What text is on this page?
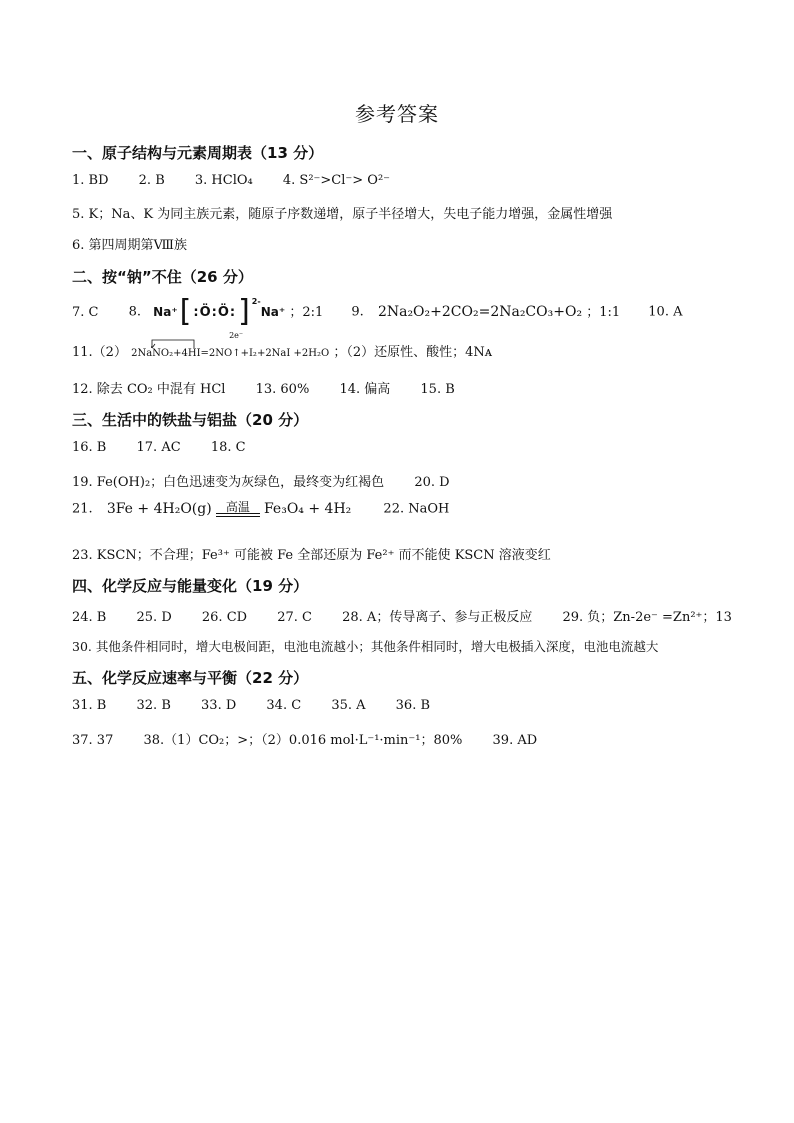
参考答案
一、原子结构与元素周期表（13 分）
1. BD 2. B 3. HClO₄ 4. S²⁻>Cl⁻> O²⁻
5. K；Na、K 为同主族元素，随原子序数递增，原子半径增大，失电子能力增强，金属性增强
6. 第四周期第Ⅷ族
二、按“钠”不住（26 分）
7. C 8. Na⁺ [ :Ö:Ö: ] $^{2-}$
Na⁺ ；2:1 9. 2Na₂O₂+2CO₂=2Na₂CO₃+O₂ ；1:1 10. A
11.（2）
2e⁻
2NaNO₂+4HI=2NO↑+I₂+2NaI +2H₂O ；（2）还原性、酸性；4Nᴀ
12. 除去 CO₂ 中混有 HCl 13. 60% 14. 偏高 15. B
三、生活中的铁盐与铝盐（20 分）
16. B 17. AC 18. C
19. Fe(OH)₂；白色迅速变为灰绿色，最终变为红褐色 20. D
21. 3Fe + 4H₂O(g)	高温	Fe₃O₄ + 4H₂ 22. NaOH
23. KSCN；不合理；Fe³⁺ 可能被 Fe 全部还原为 Fe²⁺ 而不能使 KSCN 溶液变红
四、化学反应与能量变化（19 分）
24. B 25. D 26. CD 27. C 28. A；传导离子、参与正极反应 29. 负；Zn-2e⁻ =Zn²⁺；13
30. 其他条件相同时，增大电极间距，电池电流越小；其他条件相同时，增大电极插入深度，电池电流越大
五、化学反应速率与平衡（22 分）
31. B 32. B 33. D 34. C 35. A 36. B
37. 37 38.（1）CO₂；>；（2）0.016 mol·L⁻¹·min⁻¹；80% 39. AD
